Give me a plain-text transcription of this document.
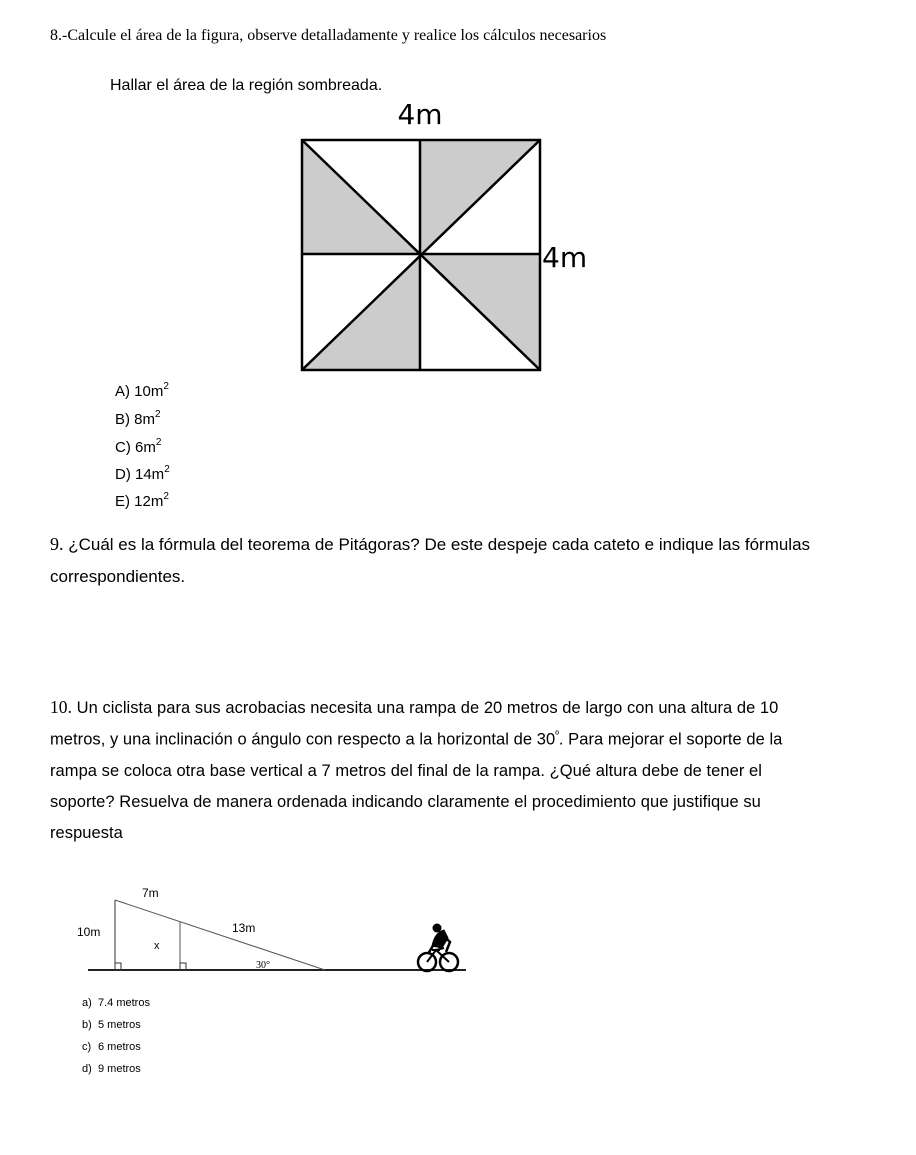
8.-Calcule el área de la figura, observe detalladamente y realice los cálculos necesarios
Hallar el área de la región sombreada.
4m
4m
A) $10m^2$
B) $8m^2$
C) $6m^2$
D) $14m^2$
E) $12m^2$
9. ¿Cuál es la fórmula del teorema de Pitágoras? De este despeje cada cateto e indique las fórmulas
correspondientes.
10. Un ciclista para sus acrobacias necesita una rampa de 20 metros de largo con una altura de 10
metros, y una inclinación o ángulo con respecto a la horizontal de $30^º$. Para mejorar el soporte de la
rampa se coloca otra base vertical a 7 metros del final de la rampa. ¿Qué altura debe de tener el
soporte? Resuelva de manera ordenada indicando claramente el procedimiento que justifique su
respuesta
7m
10m	13m
x
30°
a) 7.4 metros
b) 5 metros
c) 6 metros
d) 9 metros
